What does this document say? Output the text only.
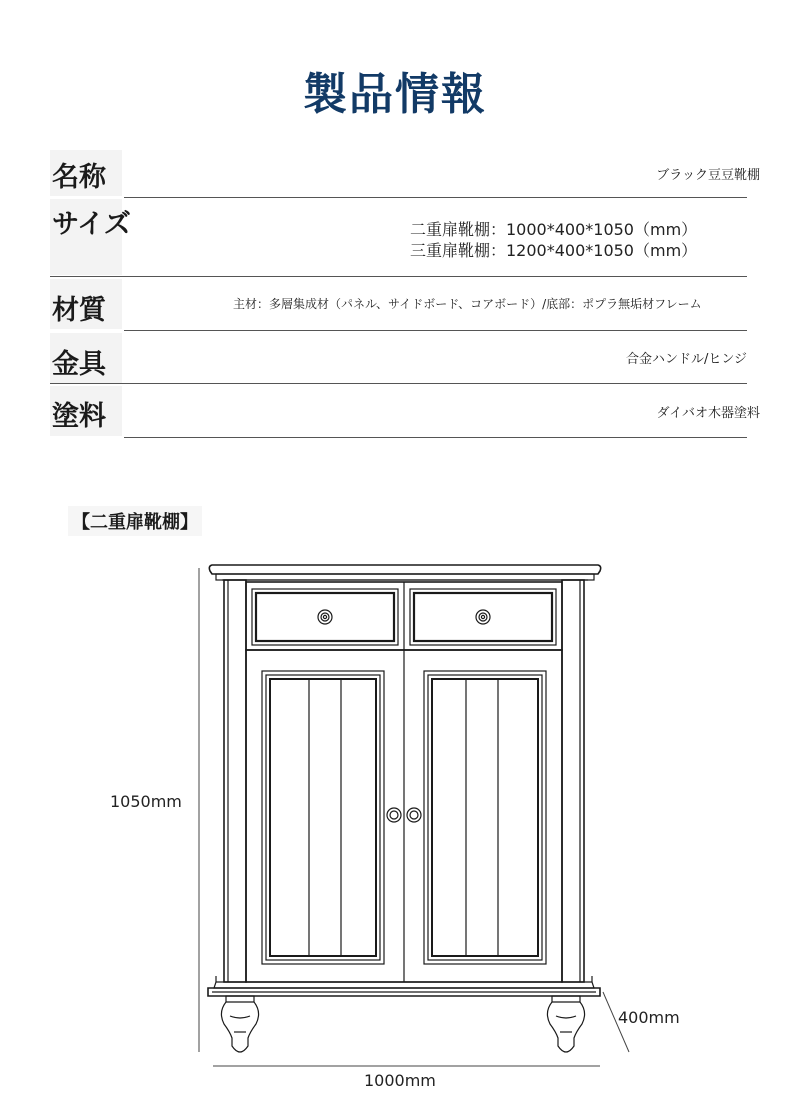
製品情報
名称	ブラック豆豆靴棚
サイズ	二重扉靴棚：1000*400*1050（mm）
三重扉靴棚：1200*400*1050（mm）
材質	主材：多層集成材（パネル、サイドボード、コアボード）/底部：ポプラ無垢材フレーム
金具	合金ハンドル/ヒンジ
塗料	ダイバオ木器塗料
【二重扉靴棚】
1050mm
400mm
1000mm
